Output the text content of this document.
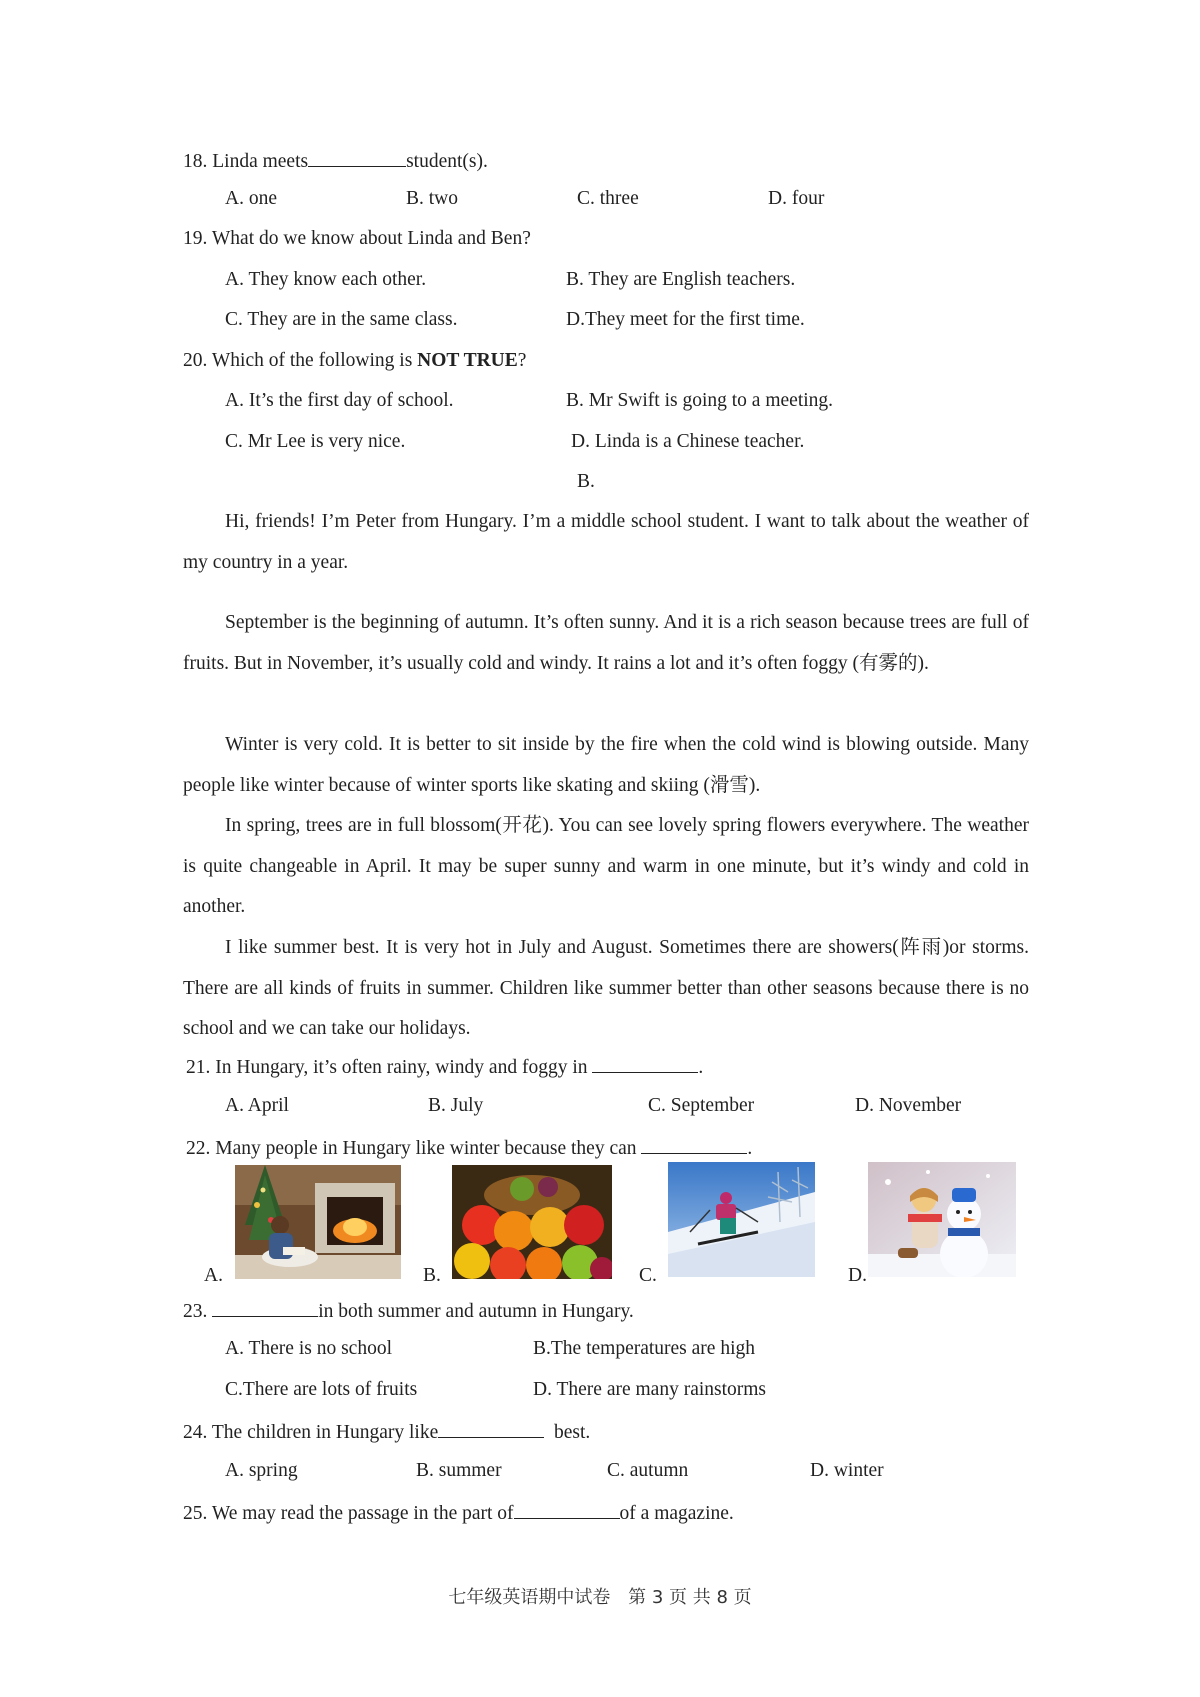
18. Linda meets	student(s).
A. one	B. two	C. three	D. four
19. What do we know about Linda and Ben?
A. They know each other.	B. They are English teachers.
C. They are in the same class.	D.They meet for the first time.
20. Which of the following is NOT TRUE?
A. It’s the first day of school.	B. Mr Swift is going to a meeting.
C. Mr Lee is very nice.	D. Linda is a Chinese teacher.
B.
Hi, friends! I’m Peter from Hungary. I’m a middle school student. I want to talk about the weather of my country in a year.
September is the beginning of autumn. It’s often sunny. And it is a rich season because trees are full of fruits. But in November, it’s usually cold and windy. It rains a lot and it’s often foggy (有雾的).
Winter is very cold. It is better to sit inside by the fire when the cold wind is blowing outside. Many people like winter because of winter sports like skating and skiing (滑雪).
In spring, trees are in full blossom(开花). You can see lovely spring flowers everywhere. The weather is quite changeable in April. It may be super sunny and warm in one minute, but it’s windy and cold in another.
I like summer best. It is very hot in July and August. Sometimes there are showers(阵雨)or storms. There are all kinds of fruits in summer. Children like summer better than other seasons because there is no school and we can take our holidays.
21. In Hungary, it’s often rainy, windy and foggy in	.
A. April	B. July	C. September	D. November
22. Many people in Hungary like winter because they can	.
A.	B.	C.	D.
23.	in both summer and autumn in Hungary.
A. There is no school	B.The temperatures are high
C.There are lots of fruits	D. There are many rainstorms
24. The children in Hungary like	best.
A. spring	B. summer	C. autumn	D. winter
25. We may read the passage in the part of	of a magazine.
七年级英语期中试卷 第 3 页 共 8 页
